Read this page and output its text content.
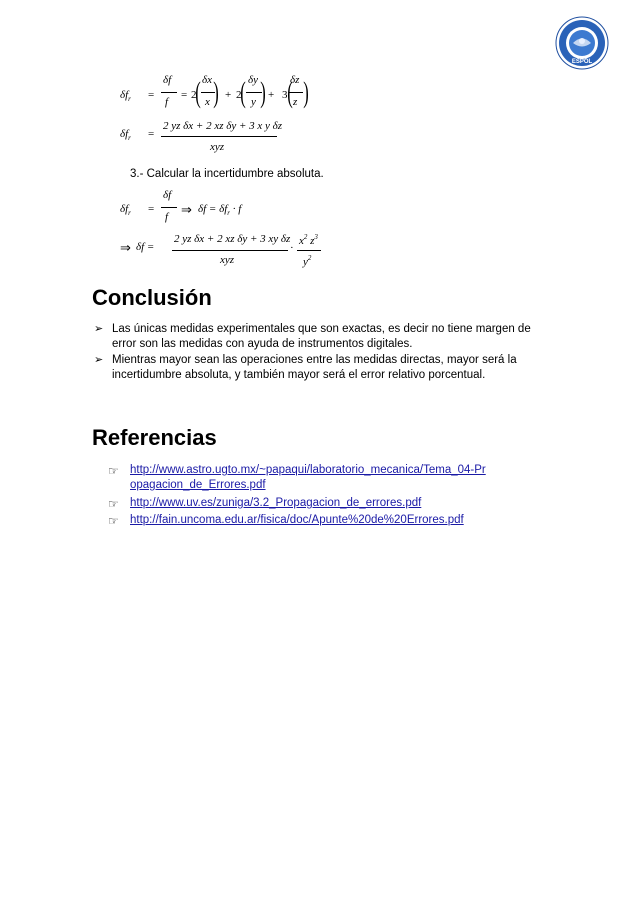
ESPOL
$\delta f_r$ =
δf
f
= 2
( δx
x ) + 2
( δy
y ) + 3 (
δz
z )
$\delta f_r$ =
2 yz δx + 2 xz δy + 3 x y δz
xyz
3.- Calcular la incertidumbre absoluta.
$\delta f_r$ =
δf
f ⇒ $\delta f = \delta f_r \cdot f$
⇒ δf =
2 yz δx + 2 xz δy + 3 xy δz
xyz
·
$x^2$ $z^3$
$y^2$
Conclusión
➢ Las únicas medidas experimentales que son exactas, es decir no tiene margen de error son las medidas con ayuda de instrumentos digitales.
➢ Mientras mayor sean las operaciones entre las medidas directas, mayor será la incertidumbre absoluta, y también mayor será el error relativo porcentual.
Referencias
☞ http://www.astro.ugto.mx/~papaqui/laboratorio_mecanica/Tema_04-Propagacion_de_Errores.pdf
☞ http://www.uv.es/zuniga/3.2_Propagacion_de_errores.pdf
☞ http://fain.uncoma.edu.ar/fisica/doc/Apunte%20de%20Errores.pdf
